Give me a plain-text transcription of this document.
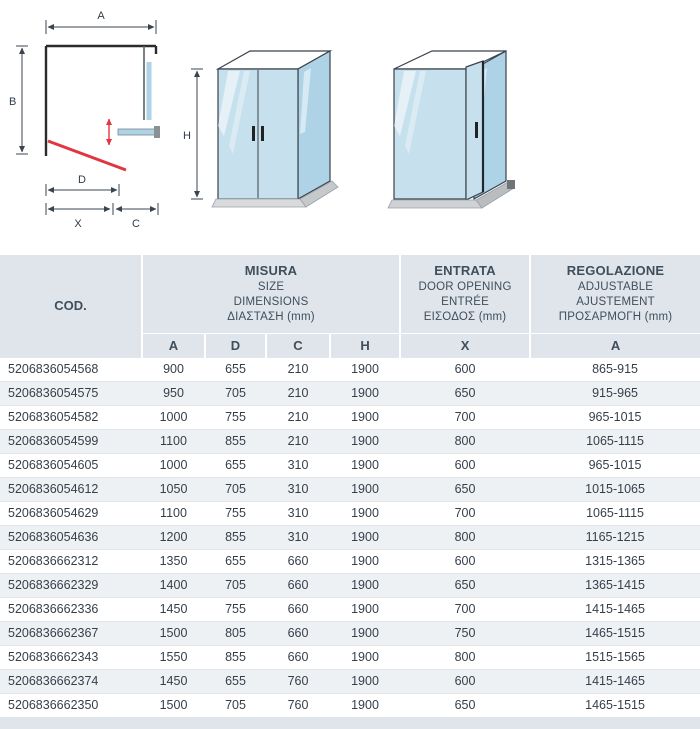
A
B
D
X	C
H
COD.	MISURA
SIZE
DIMENSIONS
ΔΙΑΣΤΑΣΗ (mm)				ENTRATA
DOOR OPENING
ENTRÉE
ΕΙΣΟΔΟΣ (mm)	REGOLAZIONE
ADJUSTABLE
AJUSTEMENT
ΠΡΟΣΑΡΜΟΓΗ (mm)

	A	D	C	H	X	A
5206836054568	900	655	210	1900	600	865-915
5206836054575	950	705	210	1900	650	915-965
5206836054582	1000	755	210	1900	700	965-1015
5206836054599	1100	855	210	1900	800	1065-1115
5206836054605	1000	655	310	1900	600	965-1015
5206836054612	1050	705	310	1900	650	1015-1065
5206836054629	1100	755	310	1900	700	1065-1115
5206836054636	1200	855	310	1900	800	1165-1215
5206836662312	1350	655	660	1900	600	1315-1365
5206836662329	1400	705	660	1900	650	1365-1415
5206836662336	1450	755	660	1900	700	1415-1465
5206836662367	1500	805	660	1900	750	1465-1515
5206836662343	1550	855	660	1900	800	1515-1565
5206836662374	1450	655	760	1900	600	1415-1465
5206836662350	1500	705	760	1900	650	1465-1515
